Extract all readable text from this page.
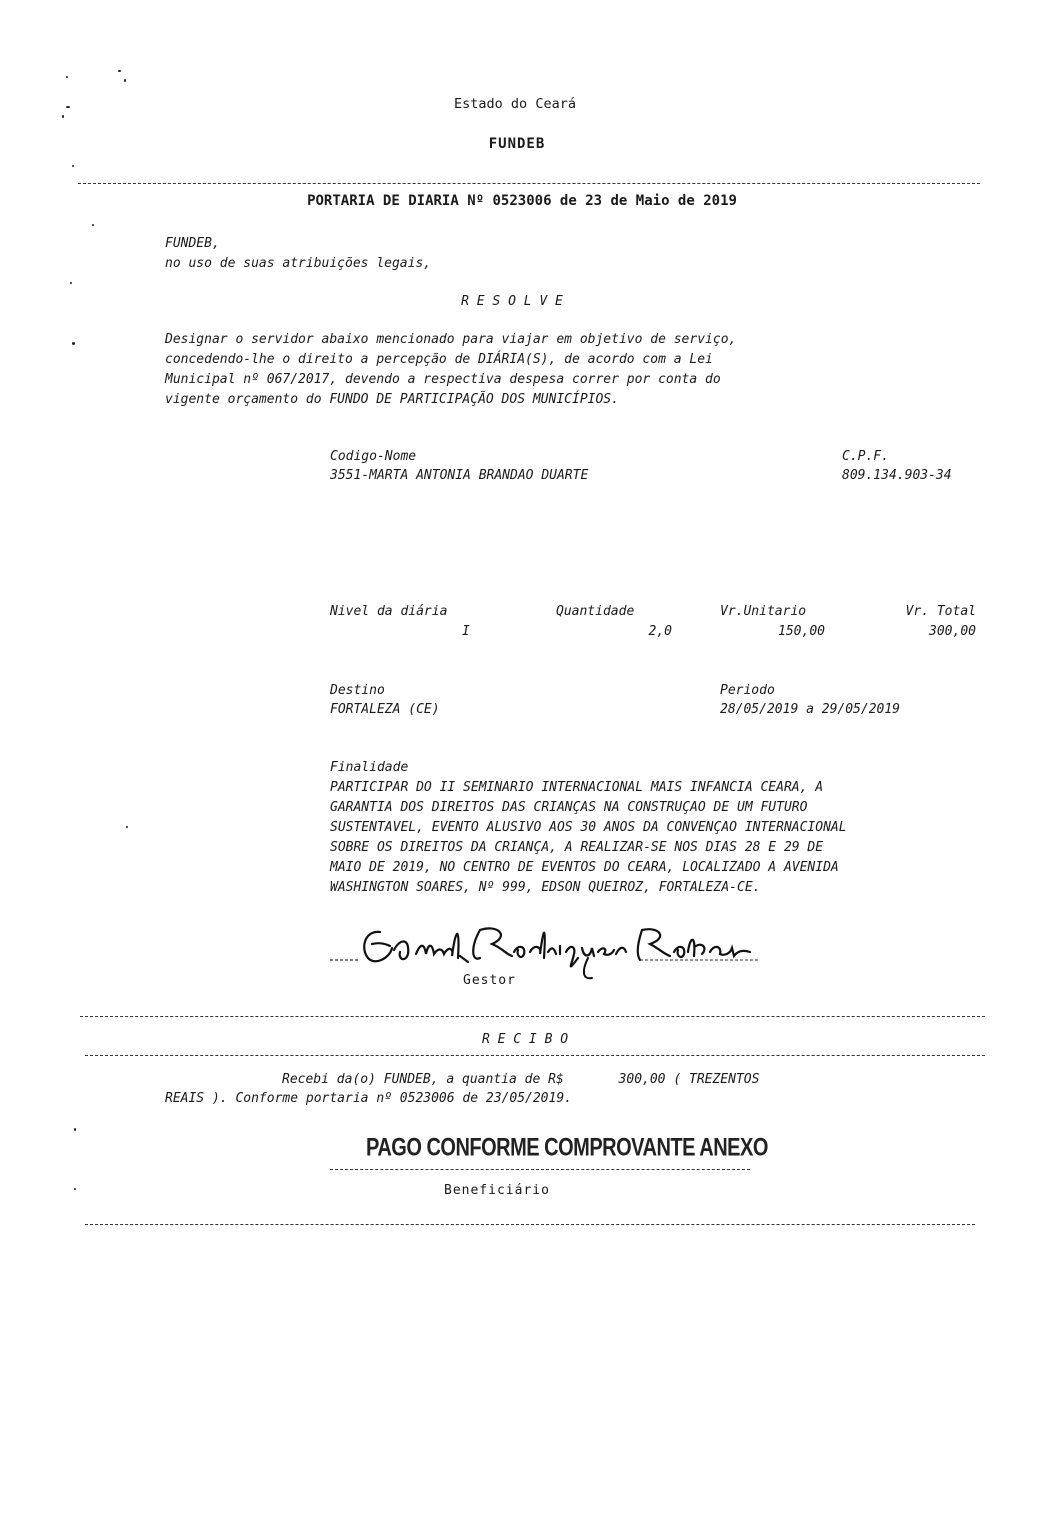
Estado do Ceará
FUNDEB
PORTARIA DE DIARIA Nº 0523006 de 23 de Maio de 2019
FUNDEB,
no uso de suas atribuições legais,
R E S O L V E
Designar o servidor abaixo mencionado para viajar em objetivo de serviço,
concedendo-lhe o direito a percepção de DIÁRIA(S), de acordo com a Lei
Municipal nº 067/2017, devendo a respectiva despesa correr por conta do
vigente orçamento do FUNDO DE PARTICIPAÇÃO DOS MUNICÍPIOS.
Codigo-Nome
3551-MARTA ANTONIA BRANDAO DUARTE
C.P.F.
809.134.903-34
Nivel da diária
I
Quantidade
2,0
Vr.Unitario
150,00
Vr. Total
300,00
Destino
FORTALEZA (CE)
Periodo
28/05/2019 a 29/05/2019
Finalidade
PARTICIPAR DO II SEMINARIO INTERNACIONAL MAIS INFANCIA CEARA, A
GARANTIA DOS DIREITOS DAS CRIANÇAS NA CONSTRUÇAO DE UM FUTURO
SUSTENTAVEL, EVENTO ALUSIVO AOS 30 ANOS DA CONVENÇAO INTERNACIONAL
SOBRE OS DIREITOS DA CRIANÇA, A REALIZAR-SE NOS DIAS 28 E 29 DE
MAIO DE 2019, NO CENTRO DE EVENTOS DO CEARA, LOCALIZADO A AVENIDA
WASHINGTON SOARES, Nº 999, EDSON QUEIROZ, FORTALEZA-CE.
Gestor
R E C I B O
Recebi da(o) FUNDEB, a quantia de R$       300,00 ( TREZENTOS
REAIS ). Conforme portaria nº 0523006 de 23/05/2019.
PAGO CONFORME COMPROVANTE ANEXO
Beneficiário
